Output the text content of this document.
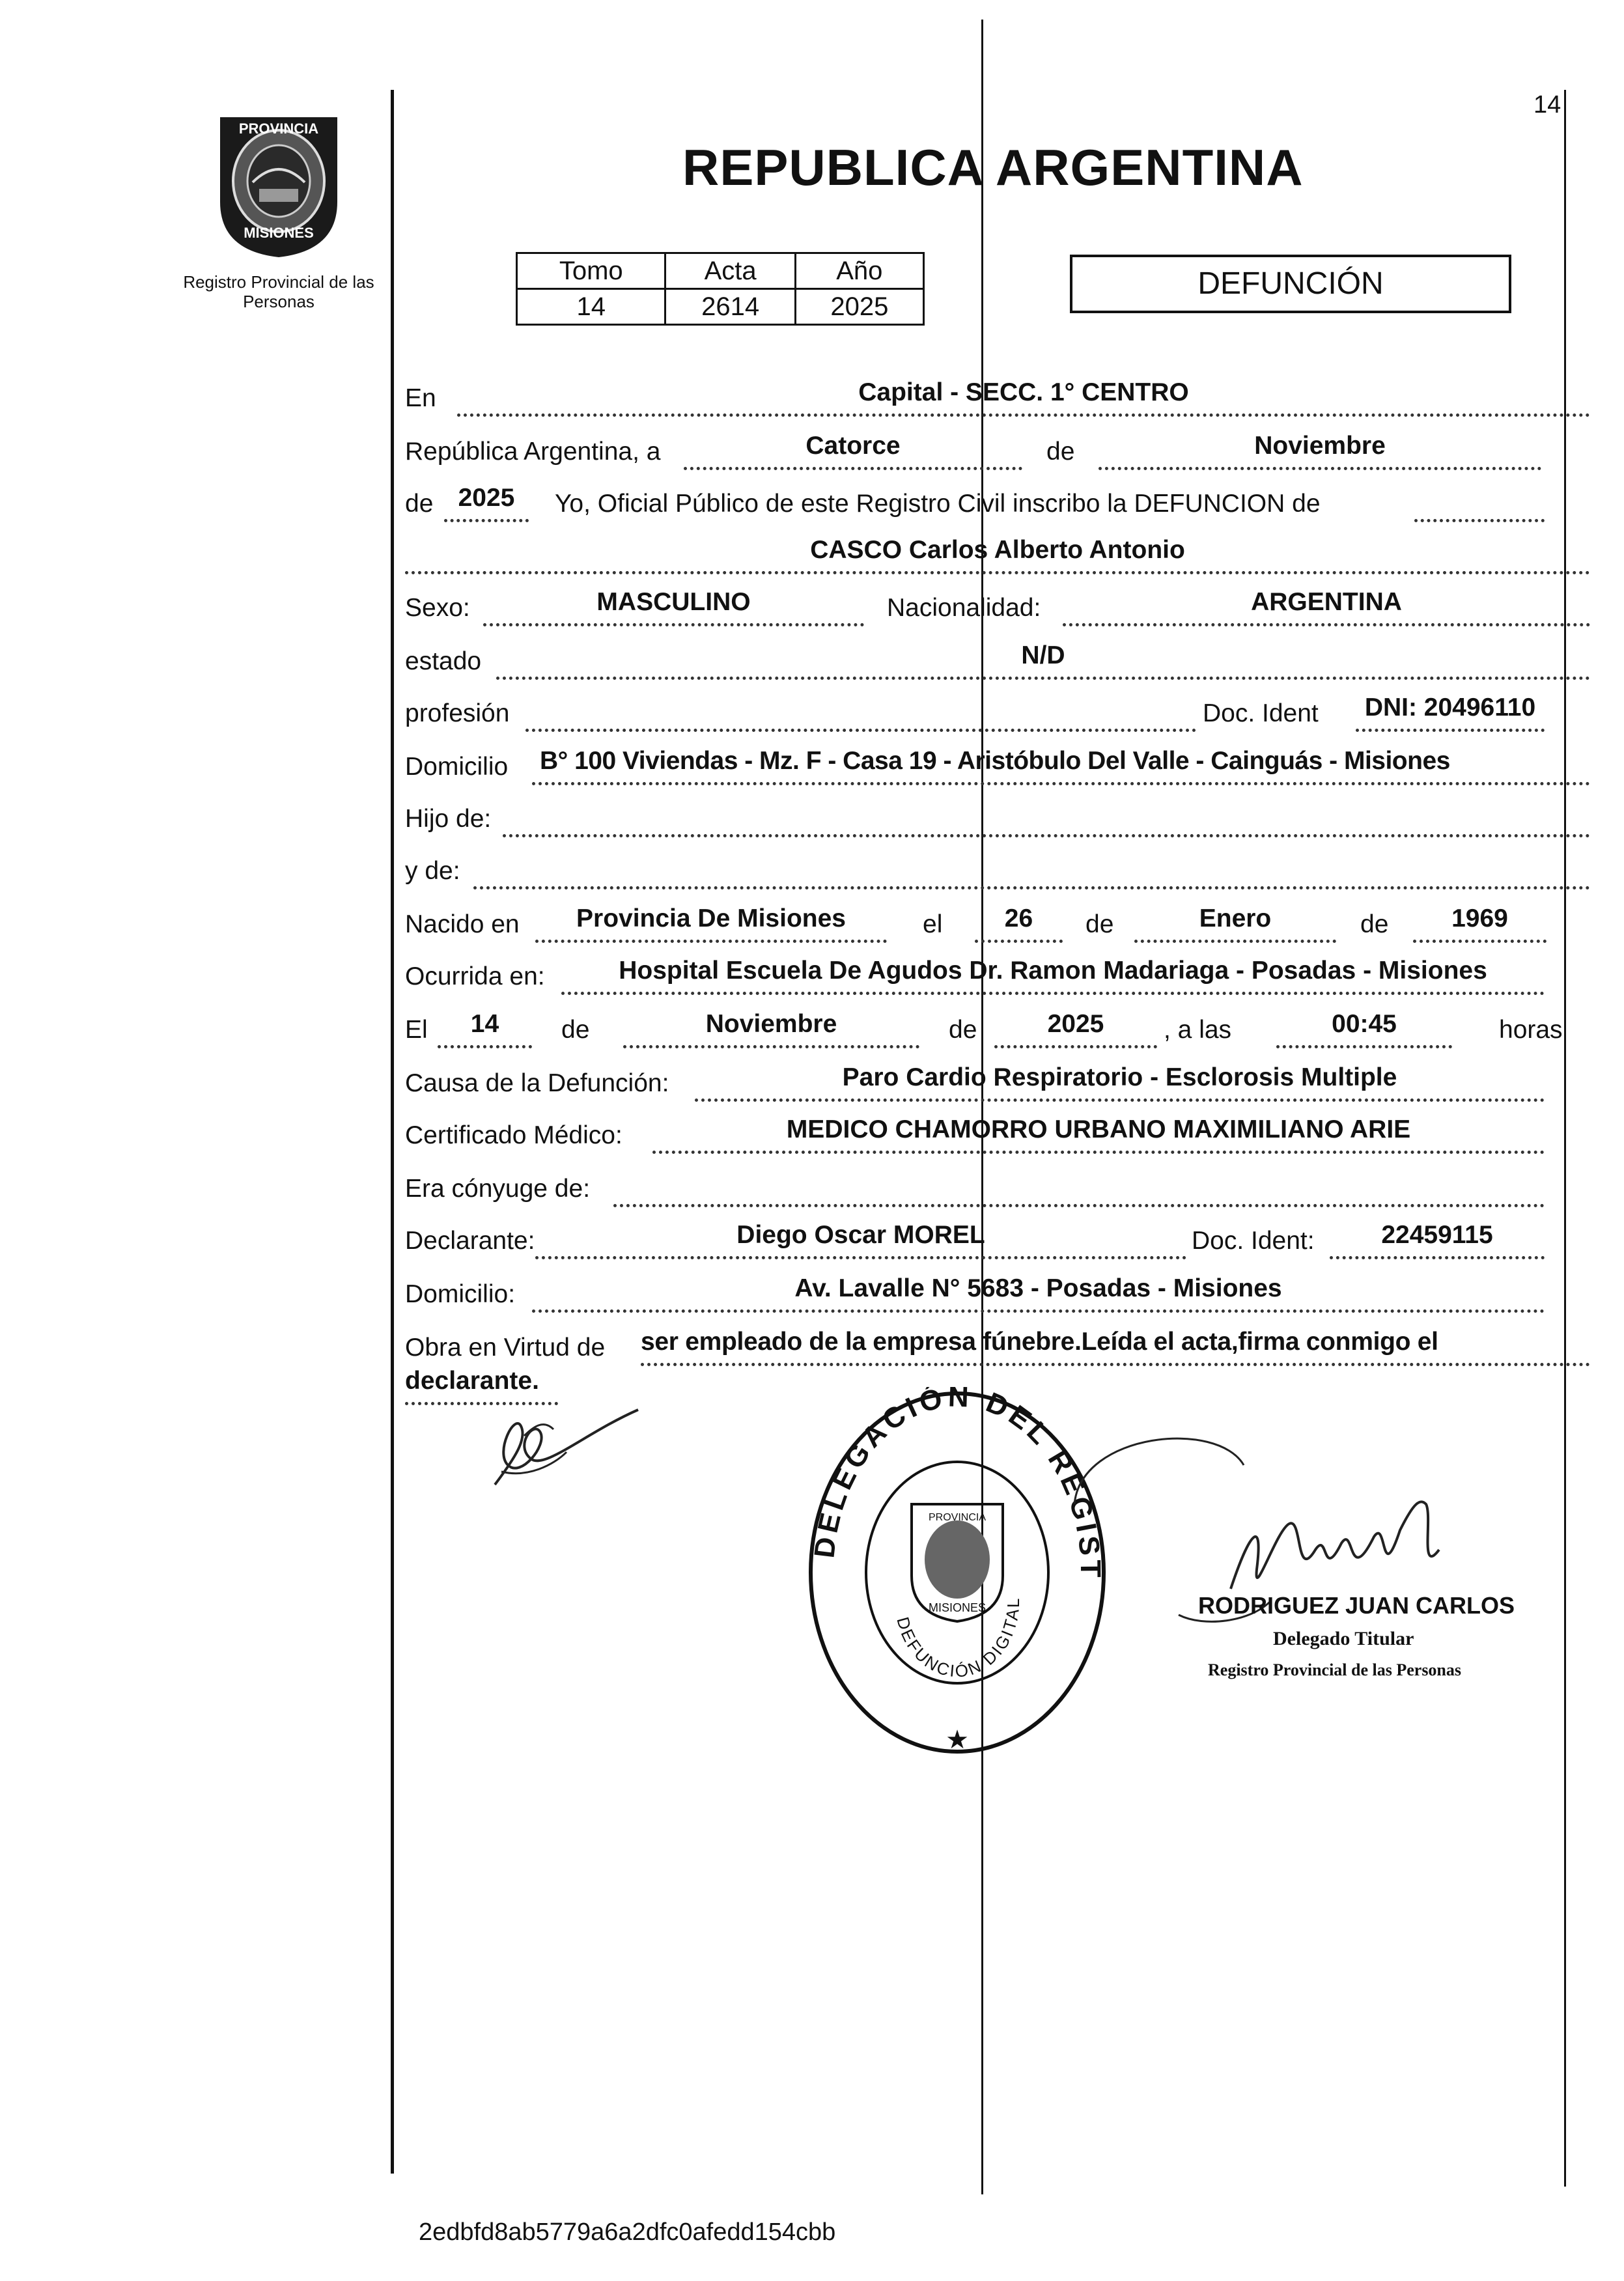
14
PROVINCIA
MISIONES
Registro Provincial de las Personas
REPUBLICA ARGENTINA
Tomo	Acta	Año
14	2614	2025
DEFUNCIÓN
En	Capital - SECC. 1° CENTRO
República Argentina, a	Catorce	de	Noviembre
de 2025	Yo, Oficial Público de este Registro Civil inscribo la DEFUNCION de
CASCO Carlos Alberto Antonio
Sexo:	MASCULINO	Nacionalidad:	ARGENTINA
estado	N/D
profesión	Doc. Ident	DNI: 20496110
Domicilio B° 100 Viviendas - Mz. F - Casa 19 - Aristóbulo Del Valle - Cainguás - Misiones
Hijo de:
y de:
Nacido en	Provincia De Misiones	el	26	de	Enero	de	1969
Ocurrida en:	Hospital Escuela De Agudos Dr. Ramon Madariaga - Posadas - Misiones
El	14	de	Noviembre	de	2025	, a las	00:45	horas
Causa de la Defunción:	Paro Cardio Respiratorio - Esclorosis Multiple
Certificado Médico:	MEDICO CHAMORRO URBANO MAXIMILIANO ARIE
Era cónyuge de:
Declarante:	Diego Oscar MOREL	Doc. Ident:	22459115
Domicilio:	Av. Lavalle N° 5683 - Posadas - Misiones
Obra en Virtud de ser empleado de la empresa fúnebre.Leída el acta,firma conmigo el
declarante.
DELEGACIÓN DEL REGIST
DEFUNCIÓN DIGITAL
PROVINCIA
MISIONES
★
RODRIGUEZ JUAN CARLOS
Delegado Titular
Registro Provincial de las Personas
2edbfd8ab5779a6a2dfc0afedd154cbb
